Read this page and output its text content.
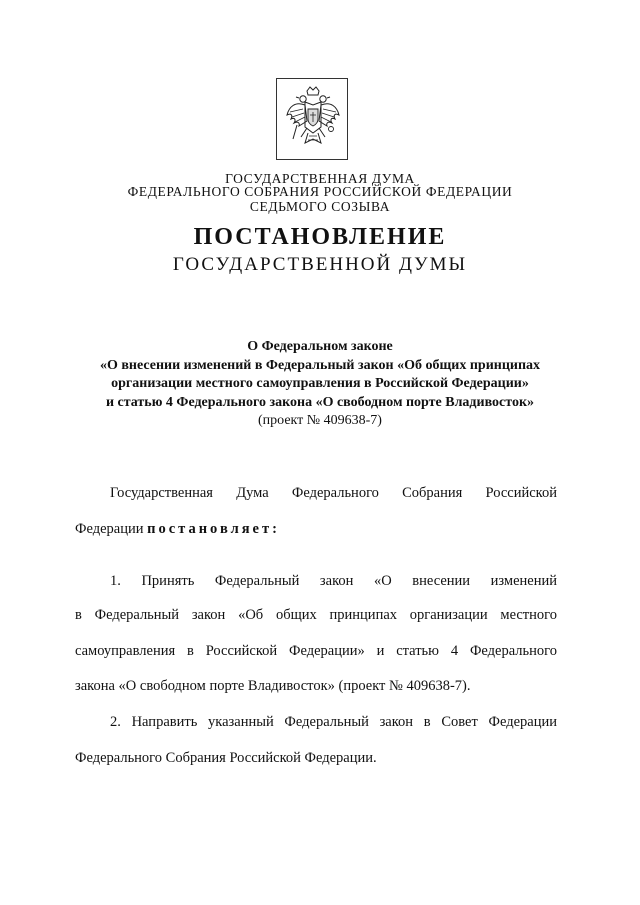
ГОСУДАРСТВЕННАЯ ДУМА
ФЕДЕРАЛЬНОГО СОБРАНИЯ РОССИЙСКОЙ ФЕДЕРАЦИИ
СЕДЬМОГО СОЗЫВА
ПОСТАНОВЛЕНИЕ
ГОСУДАРСТВЕННОЙ ДУМЫ
О Федеральном законе
«О внесении изменений в Федеральный закон «Об общих принципах
организации местного самоуправления в Российской Федерации»
и статью 4 Федерального закона «О свободном порте Владивосток»
(проект № 409638-7)
Государственная Дума Федерального Собрания Российской
Федерации постановляет:
1. Принять Федеральный закон «О внесении изменений
в Федеральный закон «Об общих принципах организации местного
самоуправления в Российской Федерации» и статью 4 Федерального
закона «О свободном порте Владивосток» (проект № 409638-7).
2. Направить указанный Федеральный закон в Совет Федерации
Федерального Собрания Российской Федерации.
